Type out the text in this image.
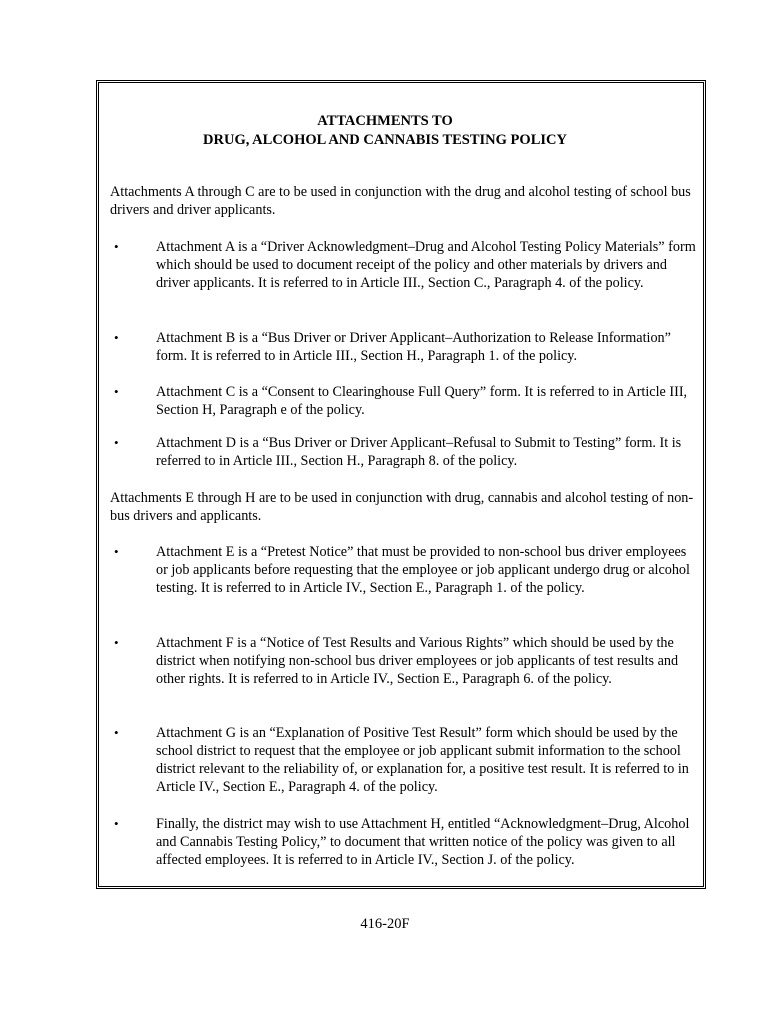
ATTACHMENTS TO
DRUG, ALCOHOL AND CANNABIS TESTING POLICY

Attachments A through C are to be used in conjunction with the drug and alcohol testing of school bus drivers and driver applicants.

•	Attachment A is a “Driver Acknowledgment–Drug and Alcohol Testing Policy Materials” form which should be used to document receipt of the policy and other materials by drivers and driver applicants. It is referred to in Article III., Section C., Paragraph 4. of the policy.
•	Attachment B is a “Bus Driver or Driver Applicant–Authorization to Release Information” form. It is referred to in Article III., Section H., Paragraph 1. of the policy.
•	Attachment C is a “Consent to Clearinghouse Full Query” form. It is referred to in Article III, Section H, Paragraph e of the policy.
•	Attachment D is a “Bus Driver or Driver Applicant–Refusal to Submit to Testing” form. It is referred to in Article III., Section H., Paragraph 8. of the policy.

Attachments E through H are to be used in conjunction with drug, cannabis and alcohol testing of non-bus drivers and applicants.

•	Attachment E is a “Pretest Notice” that must be provided to non-school bus driver employees or job applicants before requesting that the employee or job applicant undergo drug or alcohol testing. It is referred to in Article IV., Section E., Paragraph 1. of the policy.
•	Attachment F is a “Notice of Test Results and Various Rights” which should be used by the district when notifying non-school bus driver employees or job applicants of test results and other rights. It is referred to in Article IV., Section E., Paragraph 6. of the policy.
•	Attachment G is an “Explanation of Positive Test Result” form which should be used by the school district to request that the employee or job applicant submit information to the school district relevant to the reliability of, or explanation for, a positive test result. It is referred to in Article IV., Section E., Paragraph 4. of the policy.
•	Finally, the district may wish to use Attachment H, entitled “Acknowledgment–Drug, Alcohol and Cannabis Testing Policy,” to document that written notice of the policy was given to all affected employees. It is referred to in Article IV., Section J. of the policy.
416-20F
